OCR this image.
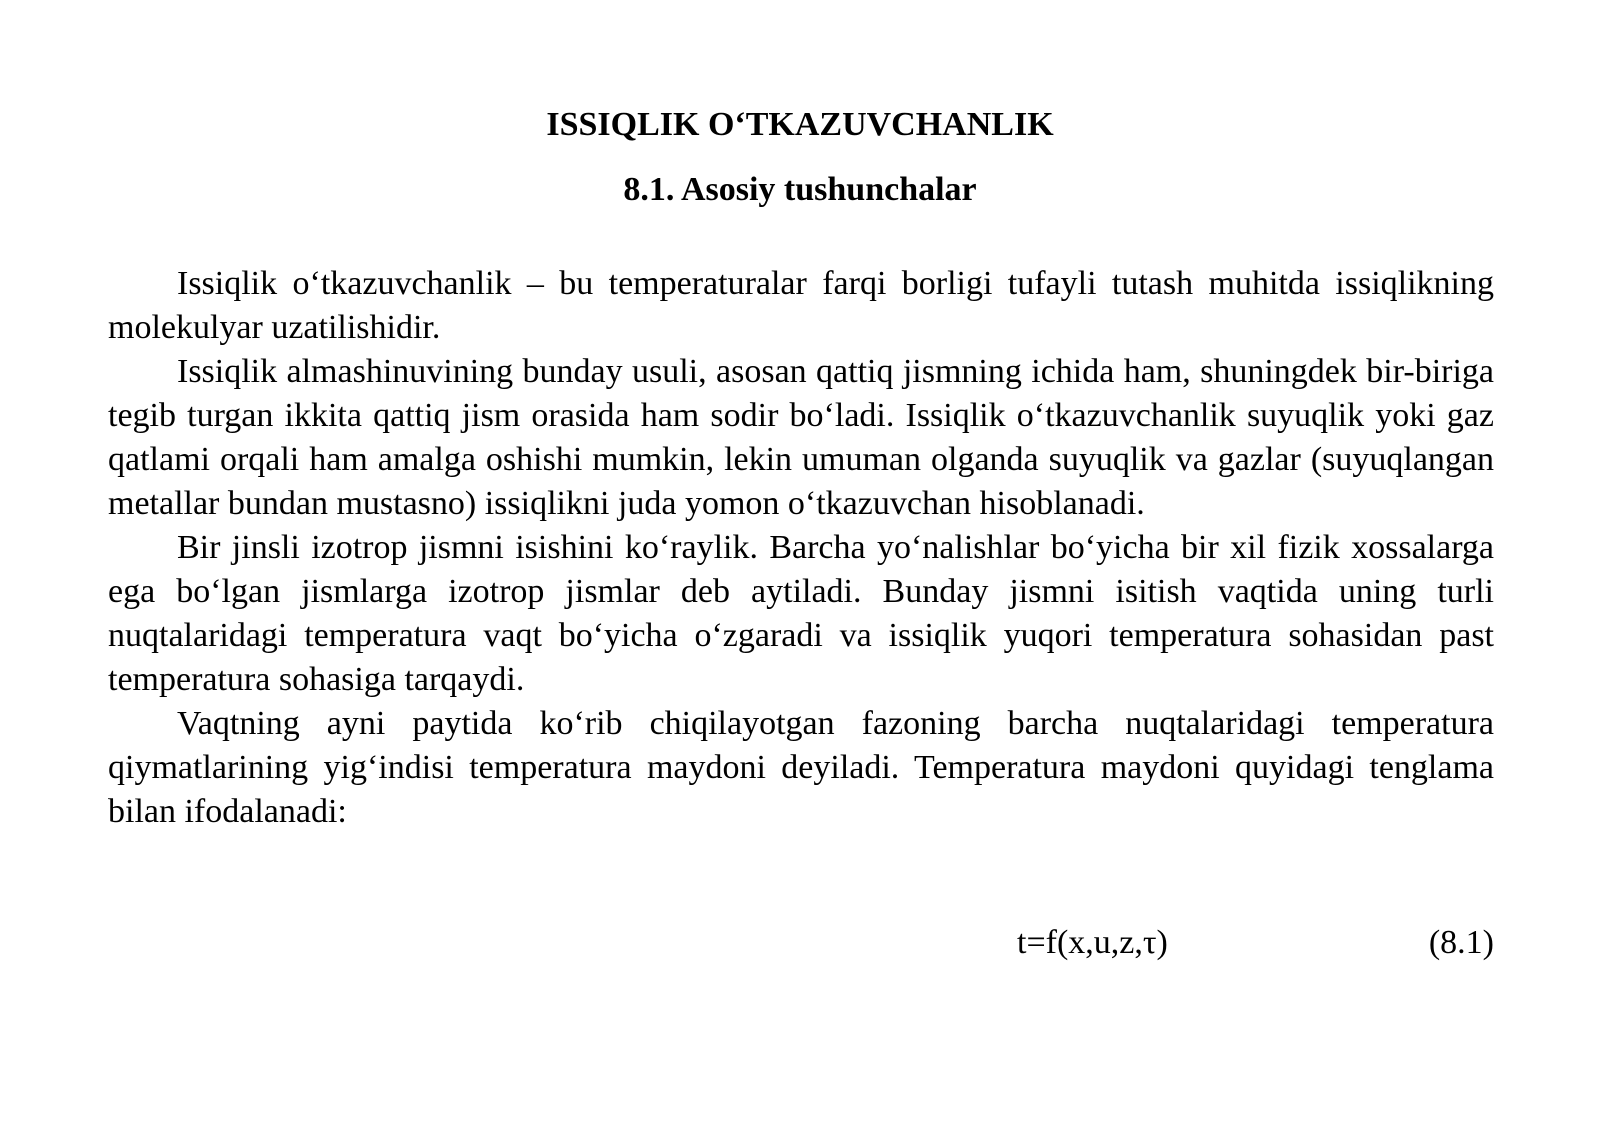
ISSIQLIK O‘TKAZUVCHANLIK
8.1. Asosiy tushunchalar

Issiqlik o‘tkazuvchanlik – bu temperaturalar farqi borligi tufayli tutash muhitda issiqlikning molekulyar uzatilishidir.

Issiqlik almashinuvining bunday usuli, asosan qattiq jismning ichida ham, shuningdek bir-biriga tegib turgan ikkita qattiq jism orasida ham sodir bo‘ladi. Issiqlik o‘tkazuvchanlik suyuqlik yoki gaz qatlami orqali ham amalga oshishi mumkin, lekin umuman olganda suyuqlik va gazlar (suyuqlangan metallar bundan mustasno) issiqlikni juda yomon o‘tkazuvchan hisoblanadi.

Bir jinsli izotrop jismni isishini ko‘raylik. Barcha yo‘nalishlar bo‘yicha bir xil fizik xossalarga ega bo‘lgan jismlarga izotrop jismlar deb aytiladi. Bunday jismni isitish vaqtida uning turli nuqtalaridagi temperatura vaqt bo‘yicha o‘zgaradi va issiqlik yuqori temperatura sohasidan past temperatura sohasiga tarqaydi.

Vaqtning ayni paytida ko‘rib chiqilayotgan fazoning barcha nuqtalaridagi temperatura qiymatlarining yig‘indisi temperatura maydoni deyiladi. Temperatura maydoni quyidagi tenglama bilan ifodalanadi:

t=f(x,u,z,τ)	(8.1)
